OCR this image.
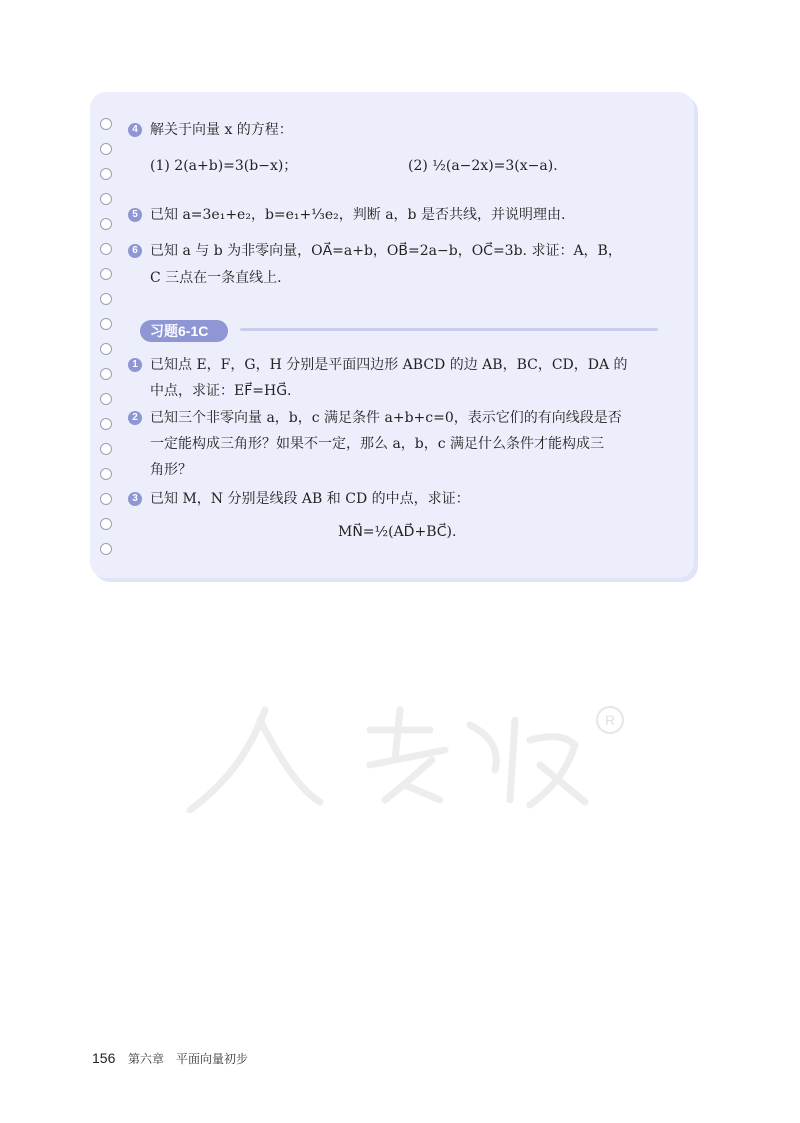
4 解关于向量 x 的方程：
(1) 2(a+b)=3(b−x)；	(2) ½(a−2x)=3(x−a).
5 已知 a=3e₁+e₂，b=e₁+⅓e₂，判断 a，b 是否共线，并说明理由.
6 已知 a 与 b 为非零向量，OA⃗=a+b，OB⃗=2a−b，OC⃗=3b. 求证：A，B，
C 三点在一条直线上.
习题6-1C
1 已知点 E，F，G，H 分别是平面四边形 ABCD 的边 AB，BC，CD，DA 的
中点，求证：EF⃗=HG⃗.
2 已知三个非零向量 a，b，c 满足条件 a+b+c=0，表示它们的有向线段是否
一定能构成三角形？如果不一定，那么 a，b，c 满足什么条件才能构成三
角形？
3 已知 M，N 分别是线段 AB 和 CD 的中点，求证：
MN⃗=½(AD⃗+BC⃗).
R
156 第六章　平面向量初步
